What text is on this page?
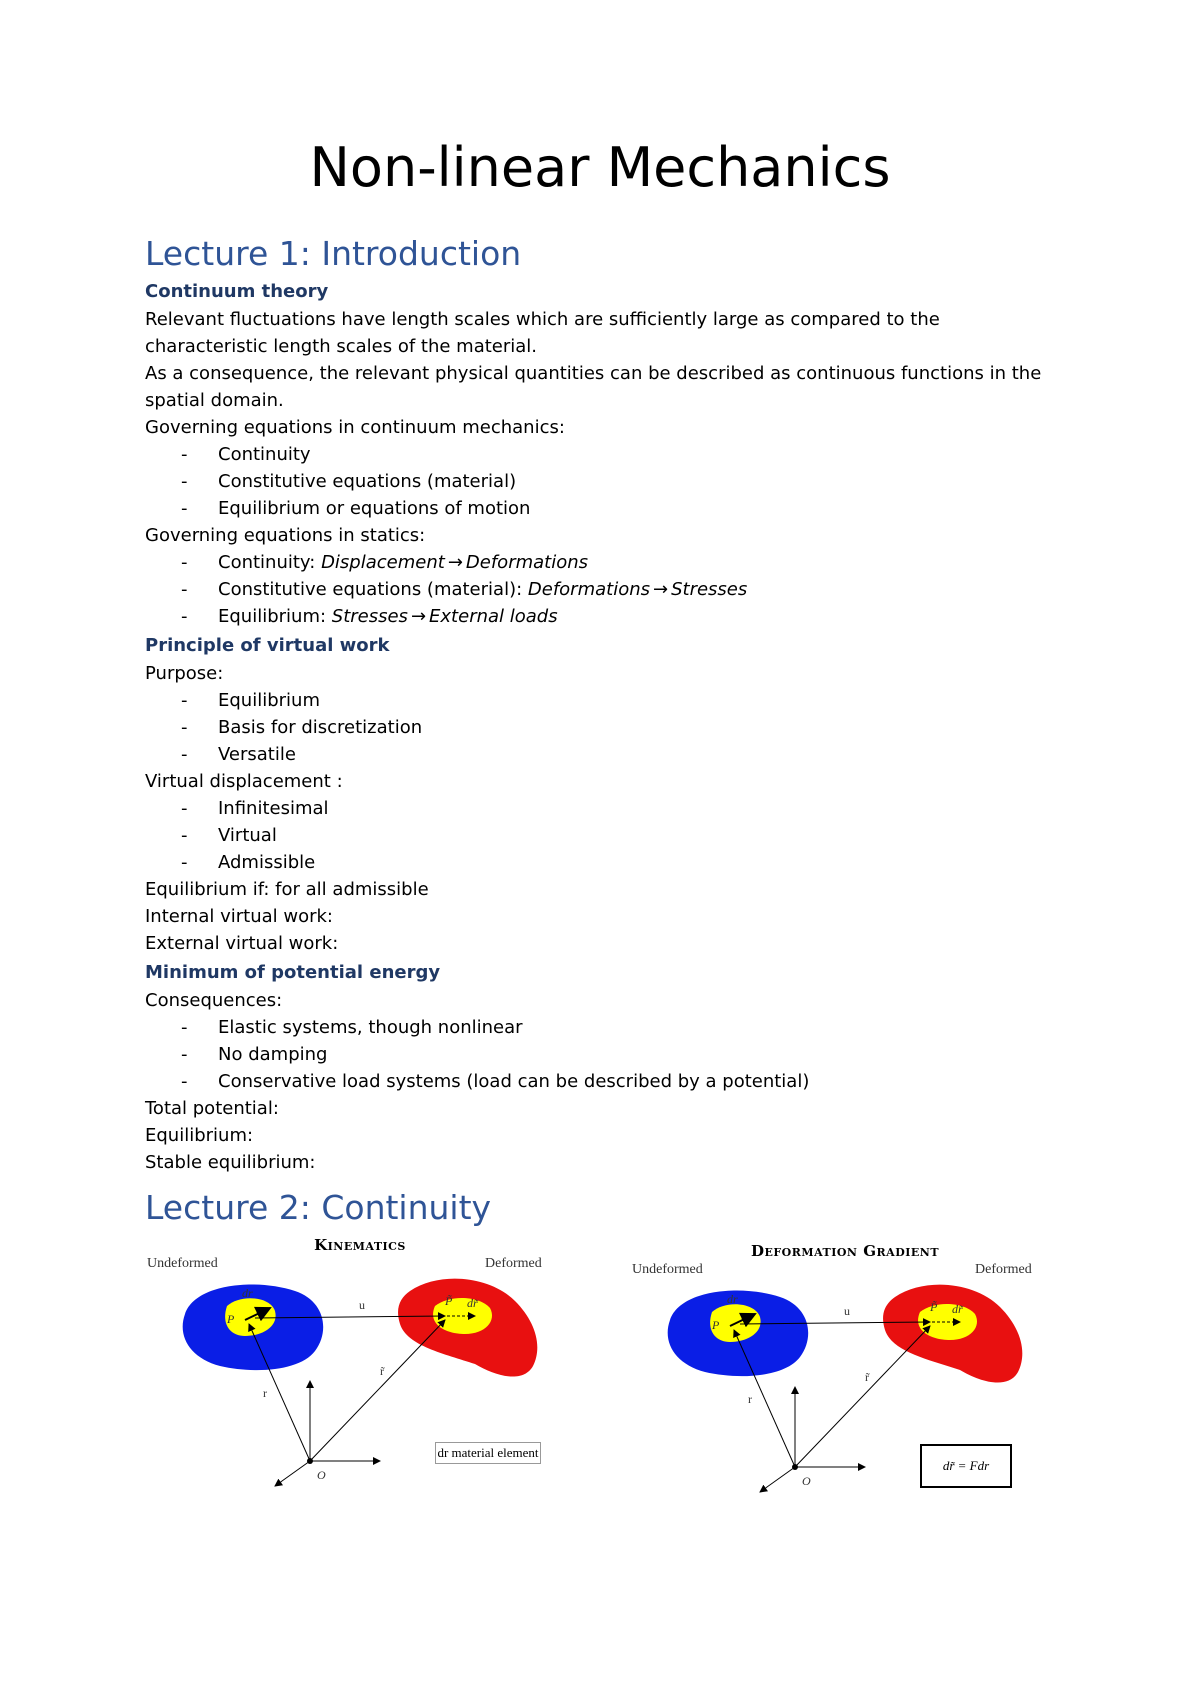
Non-linear Mechanics
Lecture 1: Introduction
Continuum theory

Relevant fluctuations have length scales which are sufficiently large as compared to the characteristic length scales of the material.

As a consequence, the relevant physical quantities can be described as continuous functions in the spatial domain.

Governing equations in continuum mechanics:

- Continuity
- Constitutive equations (material)
- Equilibrium or equations of motion

Governing equations in statics:

- Continuity: Displacement → Deformations
- Constitutive equations (material): Deformations → Stresses
- Equilibrium: Stresses → External loads
Principle of virtual work

Purpose:

- Equilibrium
- Basis for discretization
- Versatile

Virtual displacement :

- Infinitesimal
- Virtual
- Admissible

Equilibrium if: for all admissible

Internal virtual work:

External virtual work:

Minimum of potential energy

Consequences:

- Elastic systems, though nonlinear
- No damping
- Conservative load systems (load can be described by a potential)

Total potential:

Equilibrium:

Stable equilibrium:

Lecture 2: Continuity
Kinematics
Undeformed	Deformed
dr
P
u
r
r̃
O
dr̃
P̃
dr material element
Deformation Gradient
Undeformed	Deformed
dr
P
u
r
r̃
O
dr̃
P̃
dr̃ = Fdr
